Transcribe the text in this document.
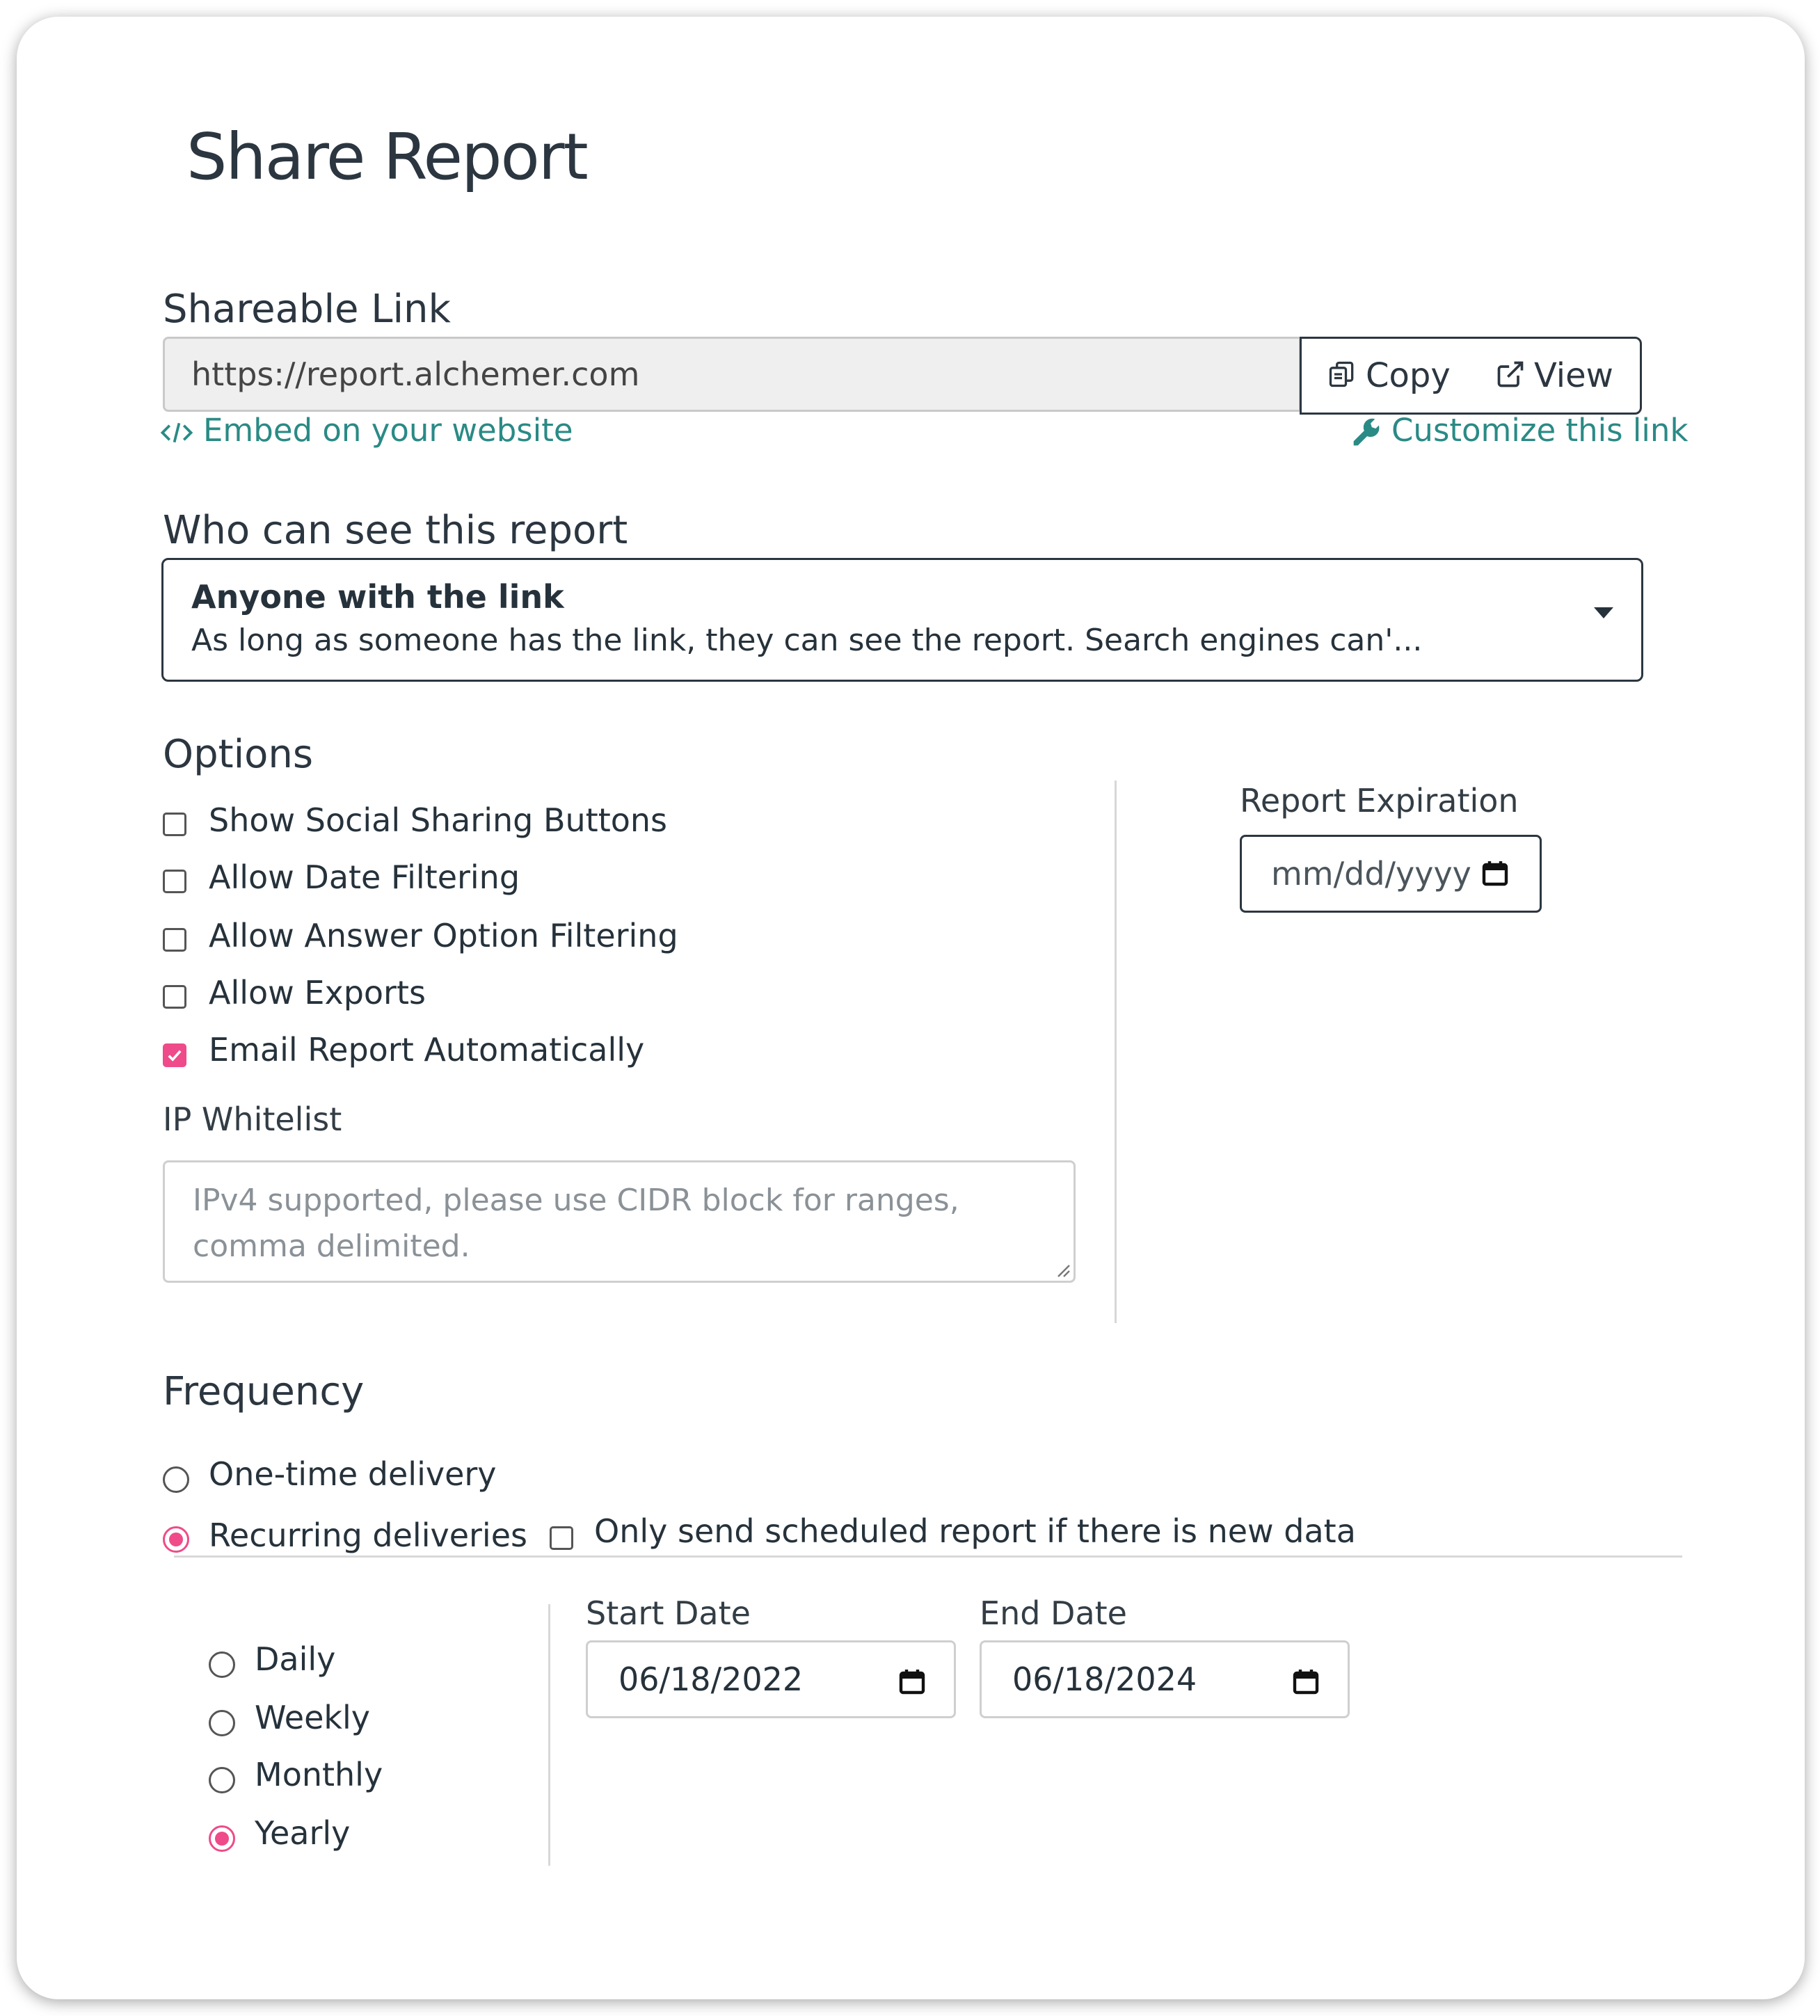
Share Report
Shareable Link
https://report.alchemer.com	Copy	View
Embed on your website	Customize this link
Who can see this report
Anyone with the link
As long as someone has the link, they can see the report. Search engines can'...
Options
Show Social Sharing Buttons
Allow Date Filtering
Allow Answer Option Filtering
Allow Exports
Email Report Automatically
IP Whitelist
IPv4 supported, please use CIDR block for ranges, comma delimited.
Report Expiration
mm/dd/yyyy
Frequency
One-time delivery
Recurring deliveries Only send scheduled report if there is new data
Daily
Weekly
Monthly
Yearly
Start Date
06/18/2022
End Date
06/18/2024
